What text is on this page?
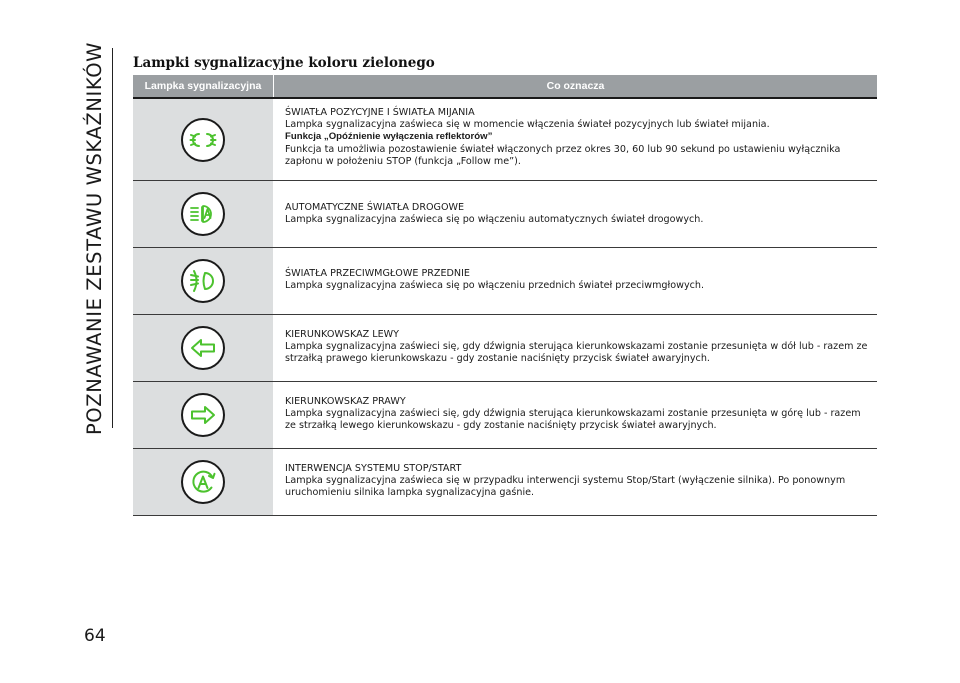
POZNAWANIE ZESTAWU WSKAŹNIKÓW
64
Lampki sygnalizacyjne koloru zielonego
Lampka sygnalizacyjna	Co oznacza

ŚWIATŁA POZYCYJNE I ŚWIATŁA MIJANIA

Lampka sygnalizacyjna zaświeca się w momencie włączenia świateł pozycyjnych lub świateł mijania.

Funkcja „Opóźnienie wyłączenia reflektorów”

Funkcja ta umożliwia pozostawienie świateł włączonych przez okres 30, 60 lub 90 sekund po ustawieniu wyłącznika zapłonu w położeniu STOP (funkcja „Follow me”).

AUTOMATYCZNE ŚWIATŁA DROGOWE

Lampka sygnalizacyjna zaświeca się po włączeniu automatycznych świateł drogowych.

ŚWIATŁA PRZECIWMGŁOWE PRZEDNIE

Lampka sygnalizacyjna zaświeca się po włączeniu przednich świateł przeciwmgłowych.

KIERUNKOWSKAZ LEWY

Lampka sygnalizacyjna zaświeci się, gdy dźwignia sterująca kierunkowskazami zostanie przesunięta w dół lub - razem ze strzałką prawego kierunkowskazu - gdy zostanie naciśnięty przycisk świateł awaryjnych.

KIERUNKOWSKAZ PRAWY

Lampka sygnalizacyjna zaświeci się, gdy dźwignia sterująca kierunkowskazami zostanie przesunięta w górę lub - razem ze strzałką lewego kierunkowskazu - gdy zostanie naciśnięty przycisk świateł awaryjnych.

INTERWENCJA SYSTEMU STOP/START

Lampka sygnalizacyjna zaświeca się w przypadku interwencji systemu Stop/Start (wyłączenie silnika). Po ponownym uruchomieniu silnika lampka sygnalizacyjna gaśnie.
